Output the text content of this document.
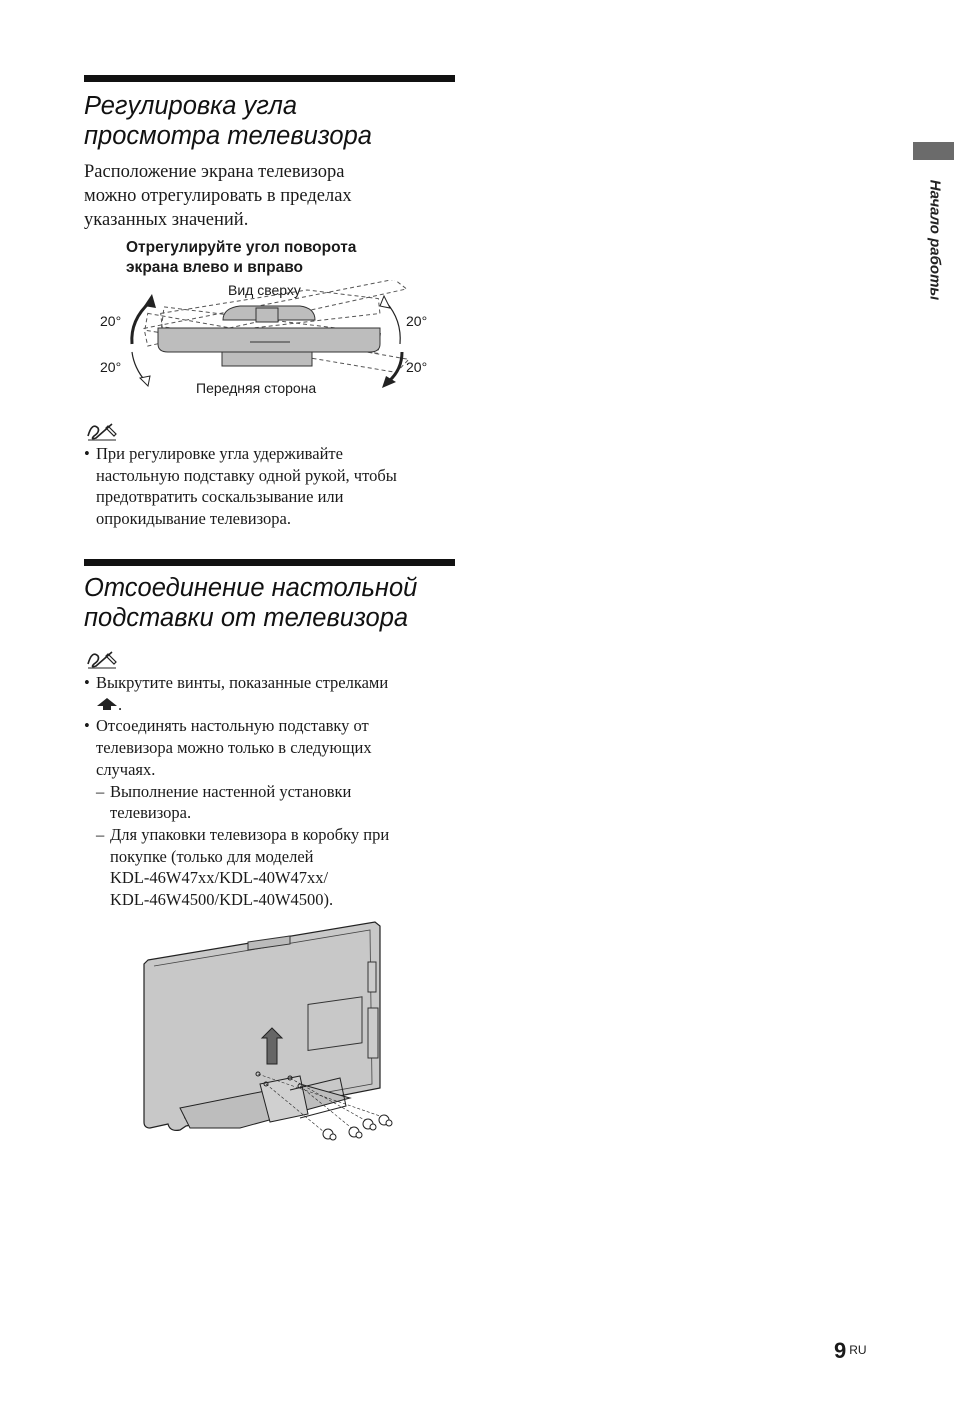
Начало работы
Регулировка угла
просмотра телевизора

Расположение экрана телевизора
можно отрегулировать в пределах
указанных значений.

Отрегулируйте угол поворота
экрана влево и вправо
Вид сверху
Передняя сторона
20°
20°
20°
20°
• При регулировке угла удерживайте
настольную подставку одной рукой, чтобы
предотвратить соскальзывание или
опрокидывание телевизора.
Отсоединение настольной
подставки от телевизора
• Выкрутите винты, показанные стрелками
.
• Отсоединять настольную подставку от
телевизора можно только в следующих
случаях.
– Выполнение настенной установки
телевизора.
– Для упаковки телевизора в коробку при
покупке (только для моделей
KDL-46W47xx/KDL-40W47xx/
KDL-46W4500/KDL-40W4500).
9 $^{RU}$
